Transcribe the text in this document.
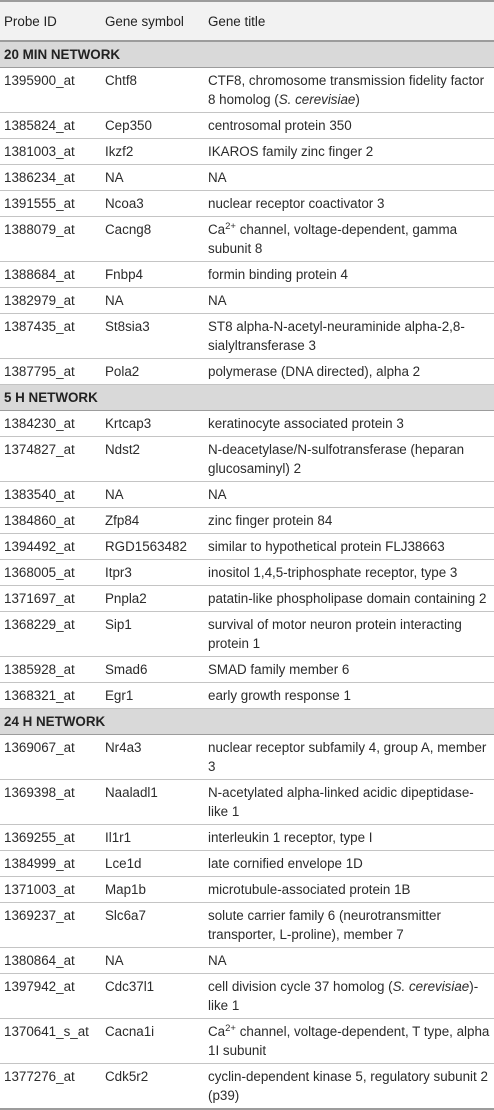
Probe ID	Gene symbol	Gene title
20 MIN NETWORK		
1395900_at	Chtf8	CTF8, chromosome transmission fidelity factor 8 homolog (S. cerevisiae)
1385824_at	Cep350	centrosomal protein 350
1381003_at	Ikzf2	IKAROS family zinc finger 2
1386234_at	NA	NA
1391555_at	Ncoa3	nuclear receptor coactivator 3
1388079_at	Cacng8	$Ca^{2+}$ channel, voltage-dependent, gamma subunit 8
1388684_at	Fnbp4	formin binding protein 4
1382979_at	NA	NA
1387435_at	St8sia3	ST8 alpha-N-acetyl-neuraminide alpha-2,8-sialyltransferase 3
1387795_at	Pola2	polymerase (DNA directed), alpha 2
5 H NETWORK		
1384230_at	Krtcap3	keratinocyte associated protein 3
1374827_at	Ndst2	N-deacetylase/N-sulfotransferase (heparan glucosaminyl) 2
1383540_at	NA	NA
1384860_at	Zfp84	zinc finger protein 84
1394492_at	RGD1563482	similar to hypothetical protein FLJ38663
1368005_at	Itpr3	inositol 1,4,5-triphosphate receptor, type 3
1371697_at	Pnpla2	patatin-like phospholipase domain containing 2
1368229_at	Sip1	survival of motor neuron protein interacting protein 1
1385928_at	Smad6	SMAD family member 6
1368321_at	Egr1	early growth response 1
24 H NETWORK		
1369067_at	Nr4a3	nuclear receptor subfamily 4, group A, member 3
1369398_at	Naaladl1	N-acetylated alpha-linked acidic dipeptidase-like 1
1369255_at	Il1r1	interleukin 1 receptor, type I
1384999_at	Lce1d	late cornified envelope 1D
1371003_at	Map1b	microtubule-associated protein 1B
1369237_at	Slc6a7	solute carrier family 6 (neurotransmitter transporter, L-proline), member 7
1380864_at	NA	NA
1397942_at	Cdc37l1	cell division cycle 37 homolog (S. cerevisiae)-like 1
1370641_s_at	Cacna1i	$Ca^{2+}$ channel, voltage-dependent, T type, alpha 1I subunit
1377276_at	Cdk5r2	cyclin-dependent kinase 5, regulatory subunit 2 (p39)
